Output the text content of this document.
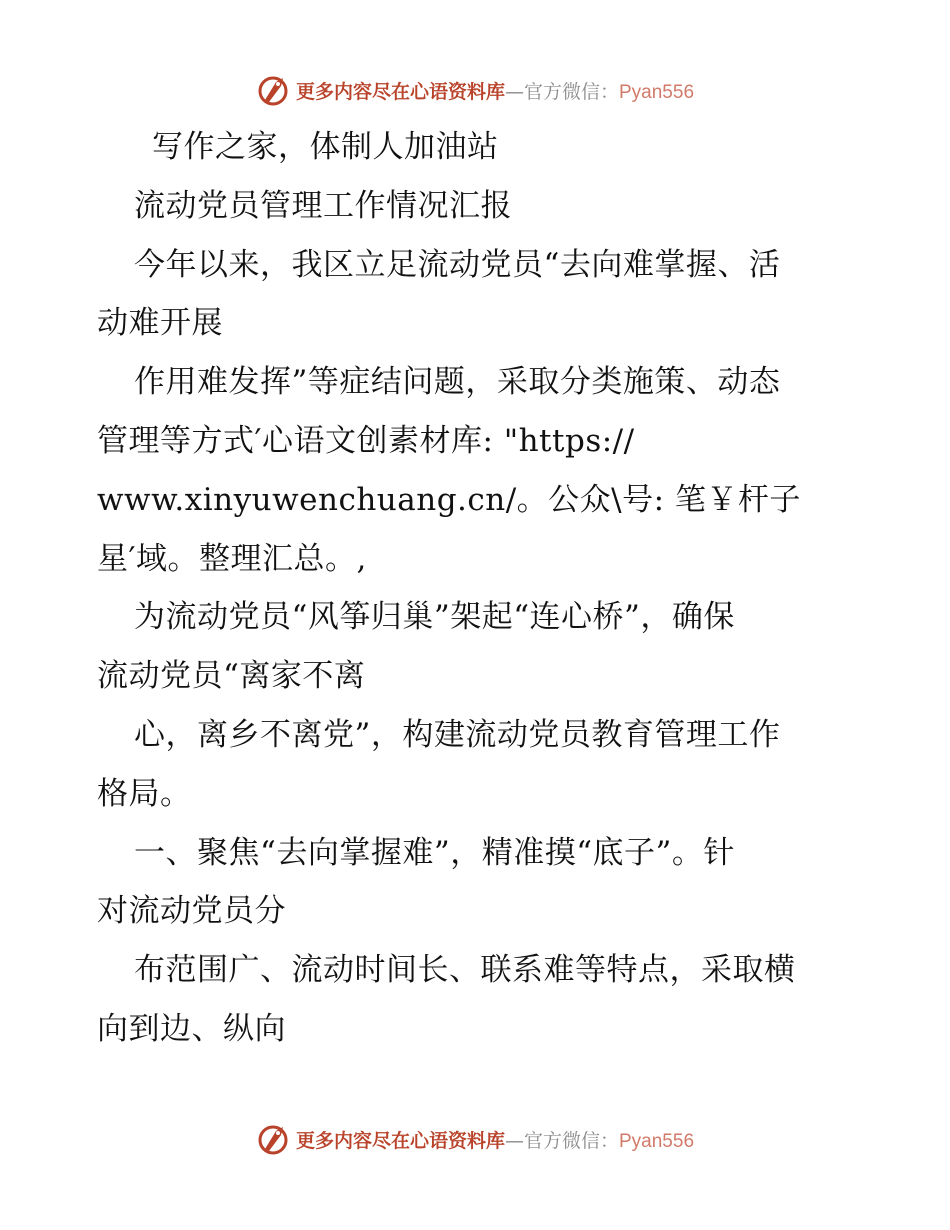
更多内容尽在心语资料库—官方微信：Pyan556
写作之家，体制人加油站
流动党员管理工作情况汇报
今年以来，我区立足流动党员“去向难掌握、活
动难开展
作用难发挥”等症结问题，采取分类施策、动态
管理等方式′心语文创素材库: "https://
www.xinyuwenchuang.cn/。公众\号: 笔￥杆子
星′域。整理汇总。,
为流动党员“风筝归巢”架起“连心桥”，确保
流动党员“离家不离
心，离乡不离党”，构建流动党员教育管理工作
格局。
一、聚焦“去向掌握难”，精准摸“底子”。针
对流动党员分
布范围广、流动时间长、联系难等特点，采取横
向到边、纵向
更多内容尽在心语资料库—官方微信：Pyan556
